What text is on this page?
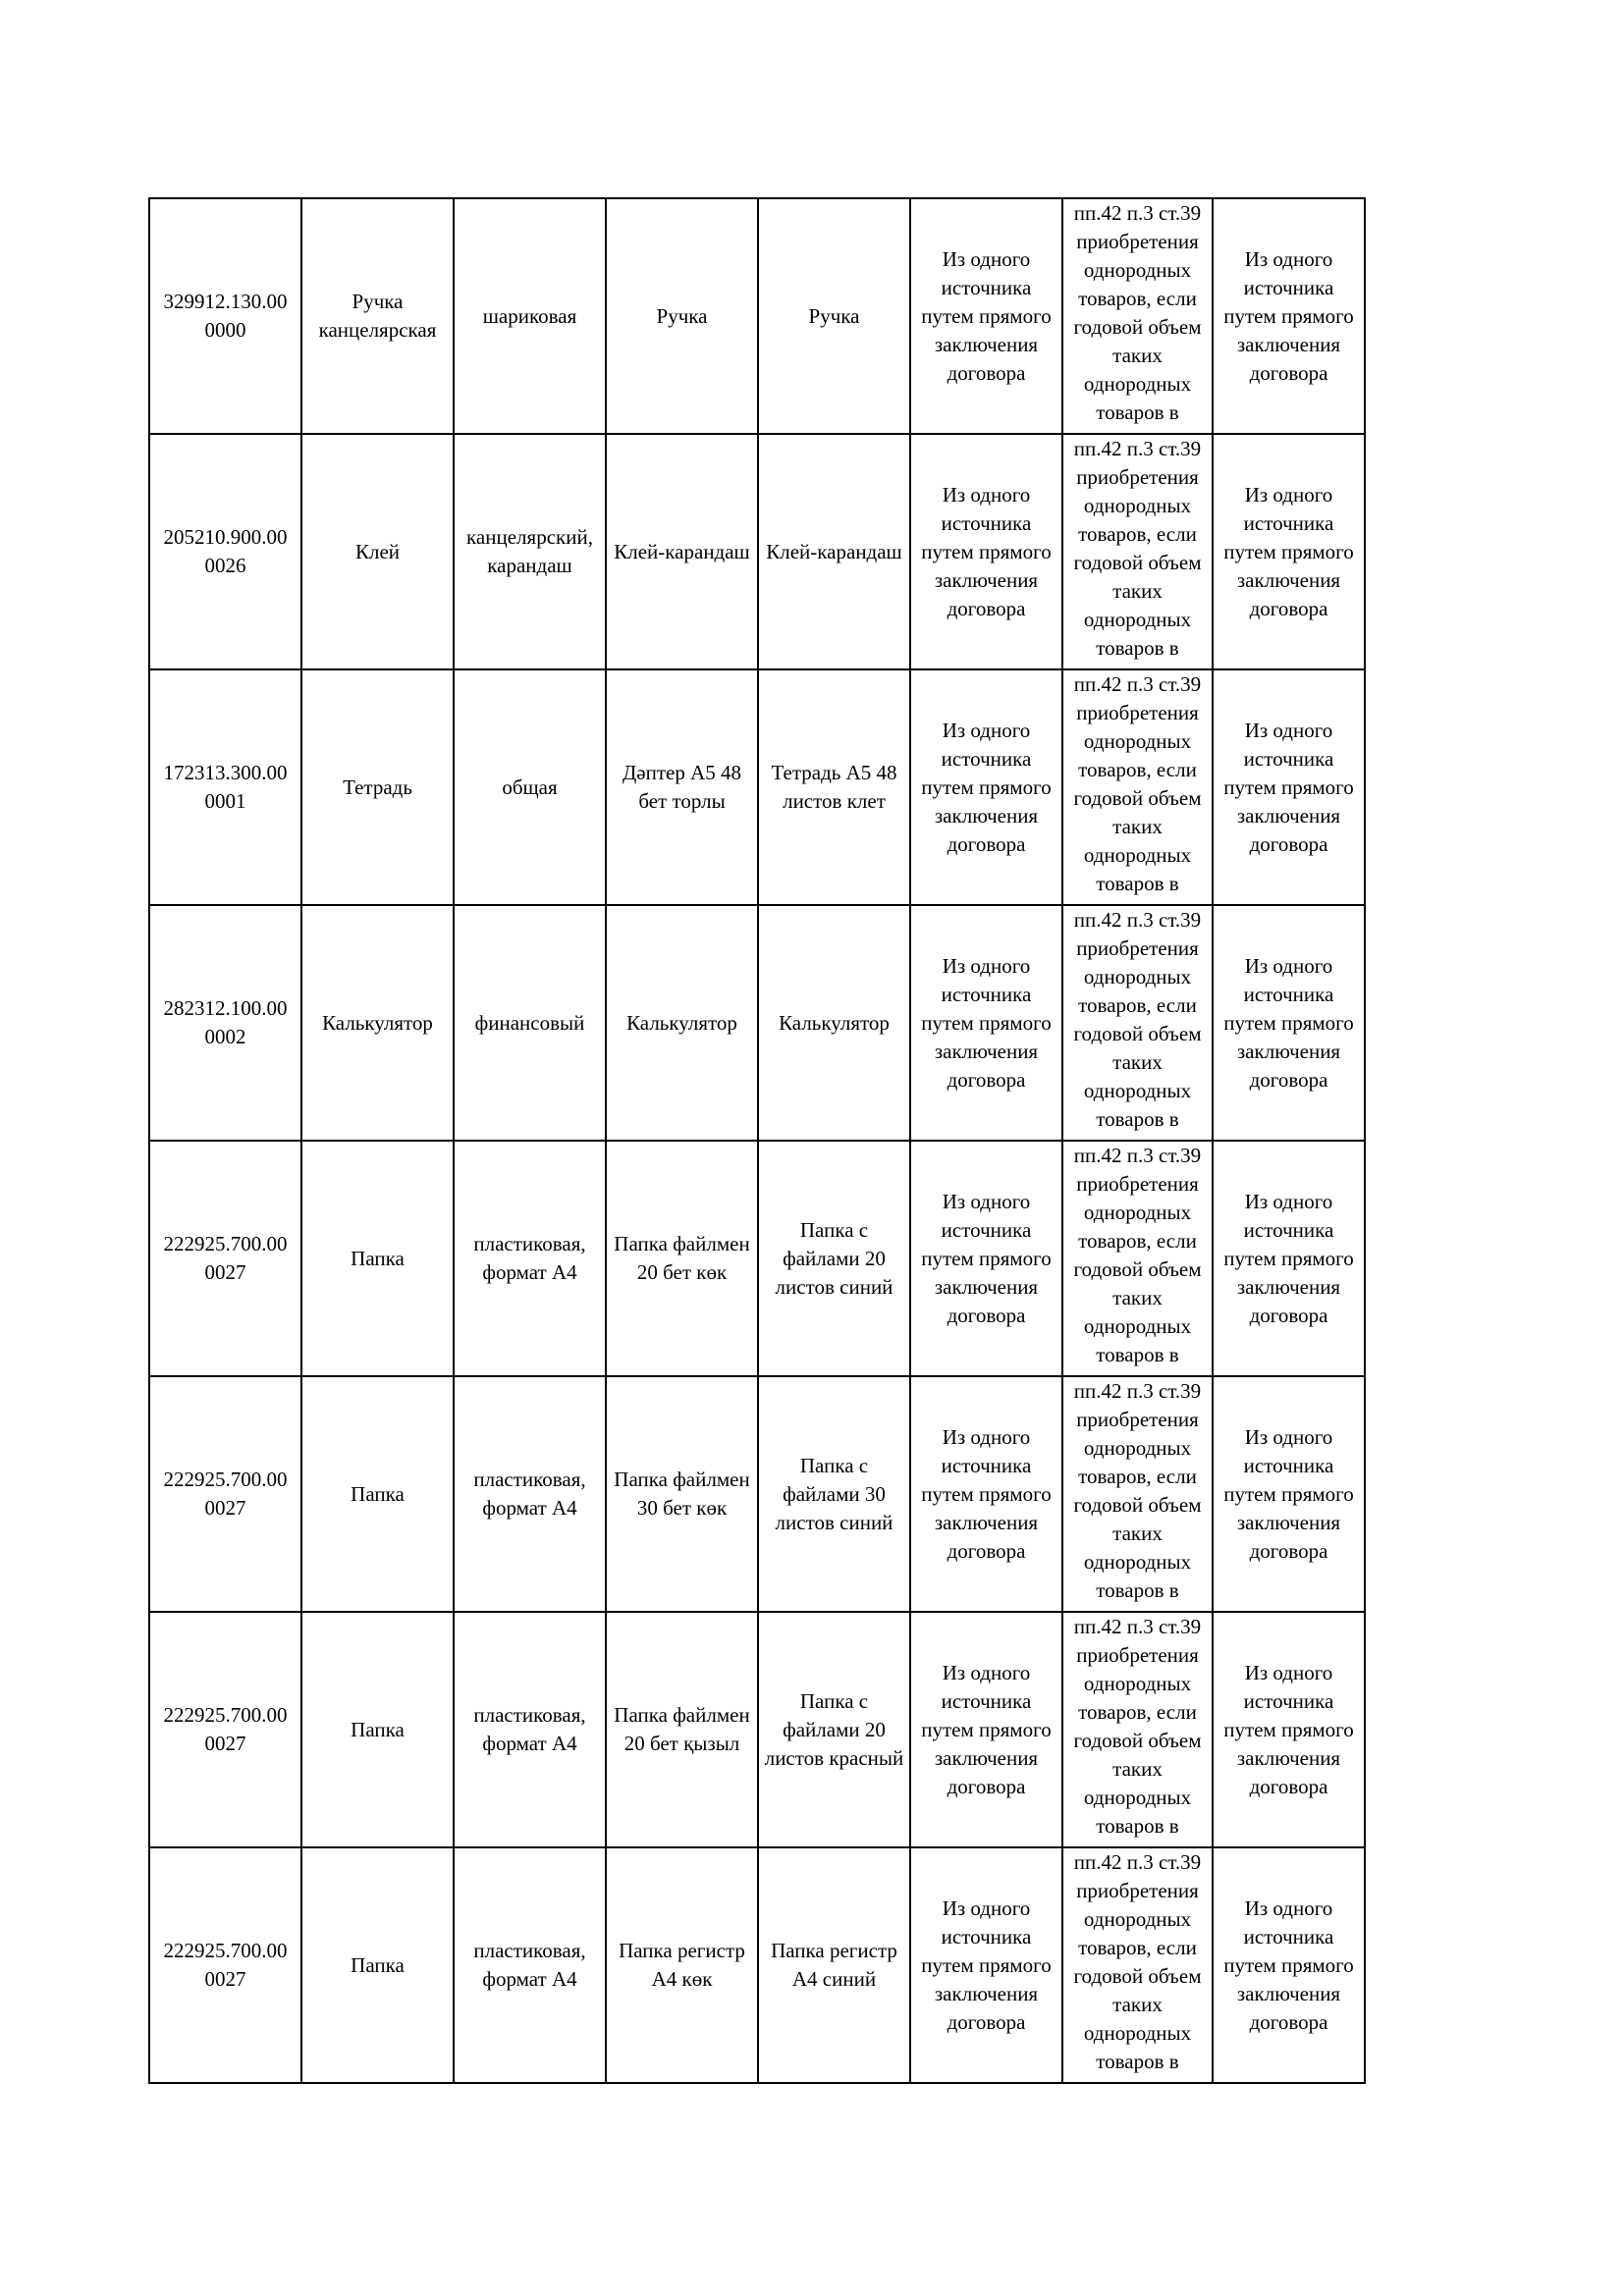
329912.130.00 0000	Ручка канцелярская	шариковая	Ручка	Ручка	Из одного источника путем прямого заключения договора	пп.42 п.3 ст.39 приобретения однородных товаров, если годовой объем таких однородных товаров в	Из одного источника путем прямого заключения договора
205210.900.00 0026	Клей	канцелярский, карандаш	Клей-карандаш	Клей-карандаш	Из одного источника путем прямого заключения договора	пп.42 п.3 ст.39 приобретения однородных товаров, если годовой объем таких однородных товаров в	Из одного источника путем прямого заключения договора
172313.300.00 0001	Тетрадь	общая	Дәптер А5 48 бет торлы	Тетрадь А5 48 листов клет	Из одного источника путем прямого заключения договора	пп.42 п.3 ст.39 приобретения однородных товаров, если годовой объем таких однородных товаров в	Из одного источника путем прямого заключения договора
282312.100.00 0002	Калькулятор	финансовый	Калькулятор	Калькулятор	Из одного источника путем прямого заключения договора	пп.42 п.3 ст.39 приобретения однородных товаров, если годовой объем таких однородных товаров в	Из одного источника путем прямого заключения договора
222925.700.00 0027	Папка	пластиковая, формат А4	Папка файлмен 20 бет көк	Папка с файлами 20 листов синий	Из одного источника путем прямого заключения договора	пп.42 п.3 ст.39 приобретения однородных товаров, если годовой объем таких однородных товаров в	Из одного источника путем прямого заключения договора
222925.700.00 0027	Папка	пластиковая, формат А4	Папка файлмен 30 бет көк	Папка с файлами 30 листов синий	Из одного источника путем прямого заключения договора	пп.42 п.3 ст.39 приобретения однородных товаров, если годовой объем таких однородных товаров в	Из одного источника путем прямого заключения договора
222925.700.00 0027	Папка	пластиковая, формат А4	Папка файлмен 20 бет қызыл	Папка с файлами 20 листов красный	Из одного источника путем прямого заключения договора	пп.42 п.3 ст.39 приобретения однородных товаров, если годовой объем таких однородных товаров в	Из одного источника путем прямого заключения договора
222925.700.00 0027	Папка	пластиковая, формат А4	Папка регистр А4 көк	Папка регистр А4 синий	Из одного источника путем прямого заключения договора	пп.42 п.3 ст.39 приобретения однородных товаров, если годовой объем таких однородных товаров в	Из одного источника путем прямого заключения договора
